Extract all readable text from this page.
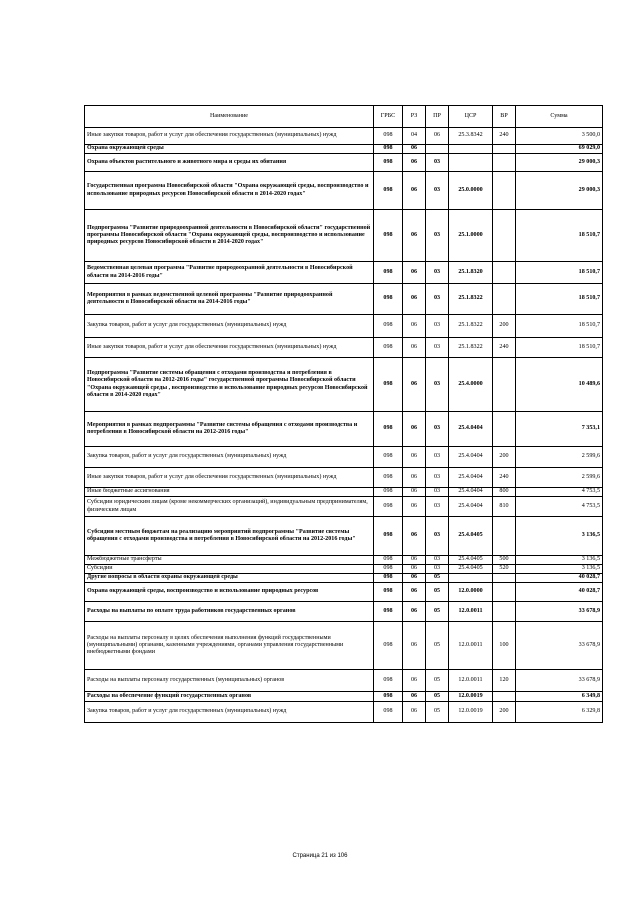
Наименование	ГРБС	РЗ	ПР	ЦСР	ВР	Сумма
Иные закупки товаров, работ и услуг для обеспечения государственных (муниципальных) нужд	098	04	06	25.3.8342	240	3 500,0
Охрана окружающей среды	098	06				69 029,0
Охрана объектов растительного и животного мира и среды их обитания	098	06	03			29 000,3
Государственная программа Новосибирской области "Охрана окружающей среды, воспроизводство и использование природных ресурсов Новосибирской области в 2014-2020 годах"	098	06	03	25.0.0000		29 000,3
Подпрограмма "Развитие природоохранной деятельности в Новосибирской области" государственной программы Новосибирской области "Охрана окружающей среды, воспроизводство и использование природных ресурсов Новосибирской области в 2014-2020 годах"	098	06	03	25.1.0000		18 510,7
Ведомственная целевая программа "Развитие природоохранной деятельности в Новосибирской области на 2014-2016 годы"	098	06	03	25.1.8320		18 510,7
Мероприятия в рамках ведомственной целевой программы "Развитие природоохранной деятельности в Новосибирской области на 2014-2016 годы"	098	06	03	25.1.8322		18 510,7
Закупка товаров, работ и услуг для государственных (муниципальных) нужд	098	06	03	25.1.8322	200	18 510,7
Иные закупки товаров, работ и услуг для обеспечения государственных (муниципальных) нужд	098	06	03	25.1.8322	240	18 510,7
Подпрограмма "Развитие системы обращения с отходами производства и потребления в Новосибирской области на 2012-2016 годы" государственной программы Новосибирской области "Охрана окружающей среды , воспроизводство и использование природных ресурсов Новосибирской области в 2014-2020 годах"	098	06	03	25.4.0000		10 489,6
Мероприятия в рамках подпрограммы "Развитие системы обращения с отходами производства и потребления в Новосибирской области на 2012-2016 годы"	098	06	03	25.4.0404		7 353,1
Закупка товаров, работ и услуг для государственных (муниципальных) нужд	098	06	03	25.4.0404	200	2 599,6
Иные закупки товаров, работ и услуг для обеспечения государственных (муниципальных) нужд	098	06	03	25.4.0404	240	2 599,6
Иные бюджетные ассигнования	098	06	03	25.4.0404	800	4 753,5
Субсидии юридическим лицам (кроме некоммерческих организаций), индивидуальным предпринимателям, физическим лицам	098	06	03	25.4.0404	810	4 753,5
Субсидии местным бюджетам на реализацию мероприятий подпрограммы "Развитие системы обращения с отходами производства и потребления в Новосибирской области на 2012-2016 годы"	098	06	03	25.4.0405		3 136,5
Межбюджетные трансферты	098	06	03	25.4.0405	500	3 136,5
Субсидии	098	06	03	25.4.0405	520	3 136,5
Другие вопросы в области охраны окружающей среды	098	06	05			40 028,7
Охрана окружающей среды, воспроизводство и использование природных ресурсов	098	06	05	12.0.0000		40 028,7
Расходы на выплаты по оплате труда работников государственных органов	098	06	05	12.0.0011		33 678,9
Расходы на выплаты персоналу в целях обеспечения выполнения функций государственными (муниципальными) органами, казенными учреждениями, органами управления государственными внебюджетными фондами	098	06	05	12.0.0011	100	33 678,9
Расходы на выплаты персоналу государственных (муниципальных) органов	098	06	05	12.0.0011	120	33 678,9
Расходы на обеспечение функций государственных органов	098	06	05	12.0.0019		6 349,8
Закупка товаров, работ и услуг для государственных (муниципальных) нужд	098	06	05	12.0.0019	200	6 329,8
Страница 21 из 106
